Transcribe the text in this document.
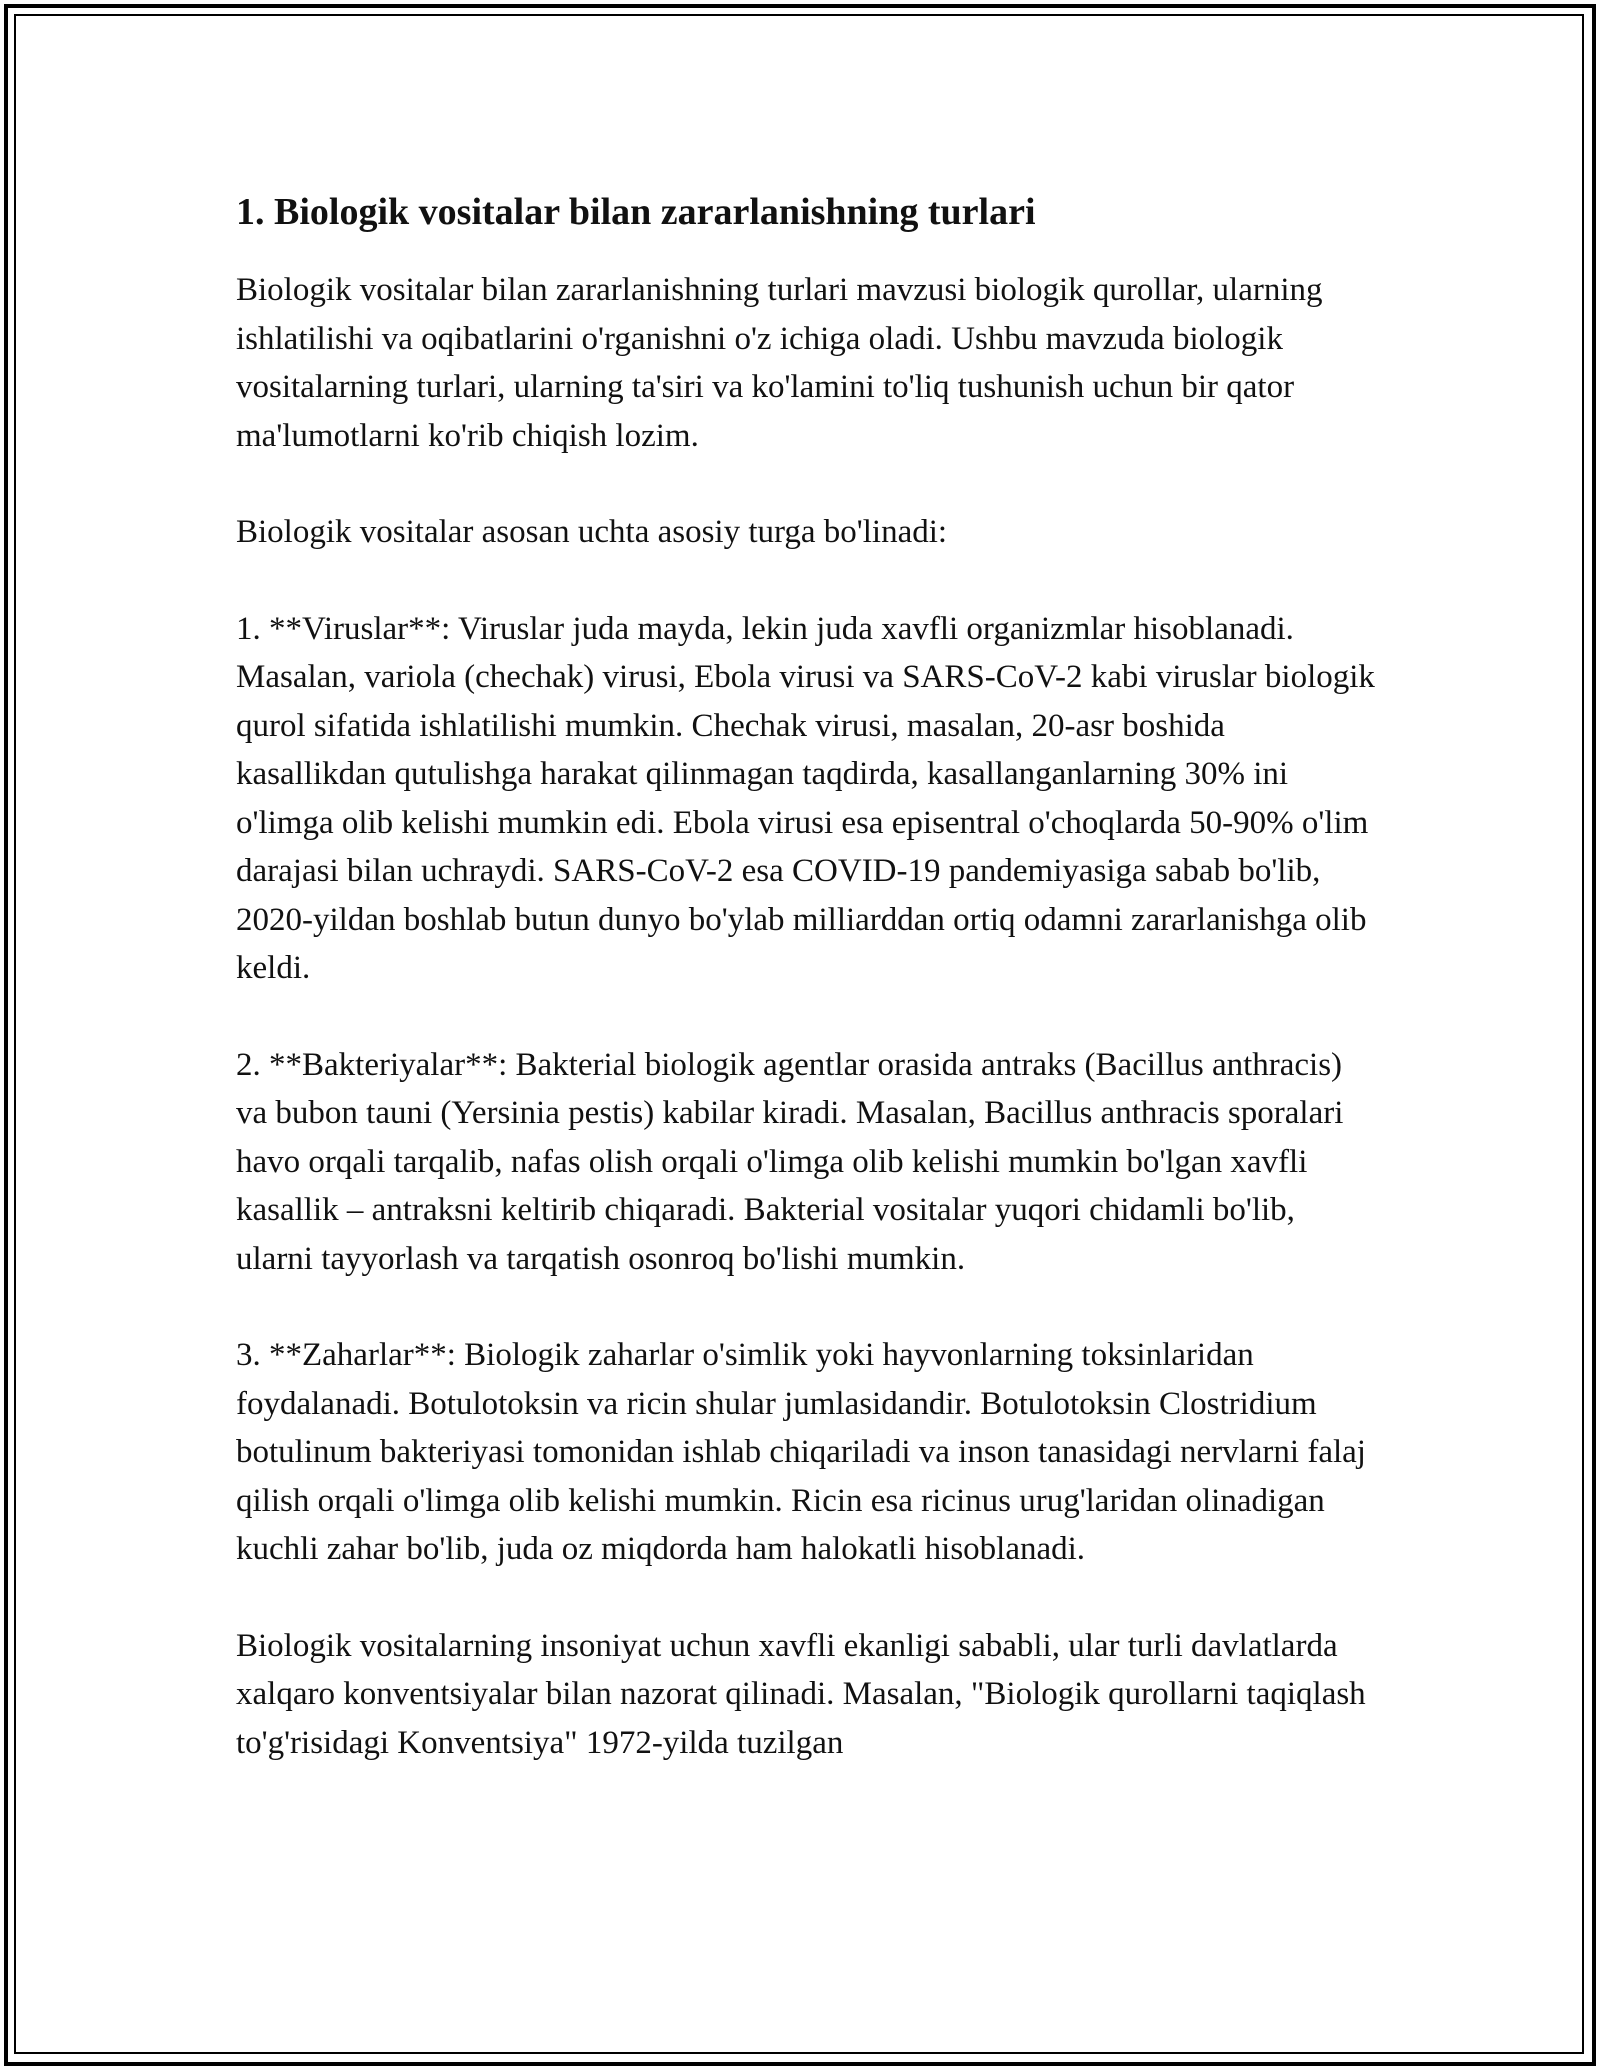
1. Biologik vositalar bilan zararlanishning turlari

Biologik vositalar bilan zararlanishning turlari mavzusi biologik qurollar, ularning ishlatilishi va oqibatlarini o'rganishni o'z ichiga oladi. Ushbu mavzuda biologik vositalarning turlari, ularning ta'siri va ko'lamini to'liq tushunish uchun bir qator ma'lumotlarni ko'rib chiqish lozim.

Biologik vositalar asosan uchta asosiy turga bo'linadi:

1. **Viruslar**: Viruslar juda mayda, lekin juda xavfli organizmlar hisoblanadi. Masalan, variola (chechak) virusi, Ebola virusi va SARS-CoV-2 kabi viruslar biologik qurol sifatida ishlatilishi mumkin. Chechak virusi, masalan, 20-asr boshida kasallikdan qutulishga harakat qilinmagan taqdirda, kasallanganlarning 30% ini o'limga olib kelishi mumkin edi. Ebola virusi esa episentral o'choqlarda 50-90% o'lim darajasi bilan uchraydi. SARS-CoV-2 esa COVID-19 pandemiyasiga sabab bo'lib, 2020-yildan boshlab butun dunyo bo'ylab milliarddan ortiq odamni zararlanishga olib keldi.

2. **Bakteriyalar**: Bakterial biologik agentlar orasida antraks (Bacillus anthracis) va bubon tauni (Yersinia pestis) kabilar kiradi. Masalan, Bacillus anthracis sporalari havo orqali tarqalib, nafas olish orqali o'limga olib kelishi mumkin bo'lgan xavfli kasallik – antraksni keltirib chiqaradi. Bakterial vositalar yuqori chidamli bo'lib, ularni tayyorlash va tarqatish osonroq bo'lishi mumkin.

3. **Zaharlar**: Biologik zaharlar o'simlik yoki hayvonlarning toksinlaridan foydalanadi. Botulotoksin va ricin shular jumlasidandir. Botulotoksin Clostridium botulinum bakteriyasi tomonidan ishlab chiqariladi va inson tanasidagi nervlarni falaj qilish orqali o'limga olib kelishi mumkin. Ricin esa ricinus urug'laridan olinadigan kuchli zahar bo'lib, juda oz miqdorda ham halokatli hisoblanadi.

Biologik vositalarning insoniyat uchun xavfli ekanligi sababli, ular turli davlatlarda xalqaro konventsiyalar bilan nazorat qilinadi. Masalan, "Biologik qurollarni taqiqlash to'g'risidagi Konventsiya" 1972-yilda tuzilgan
